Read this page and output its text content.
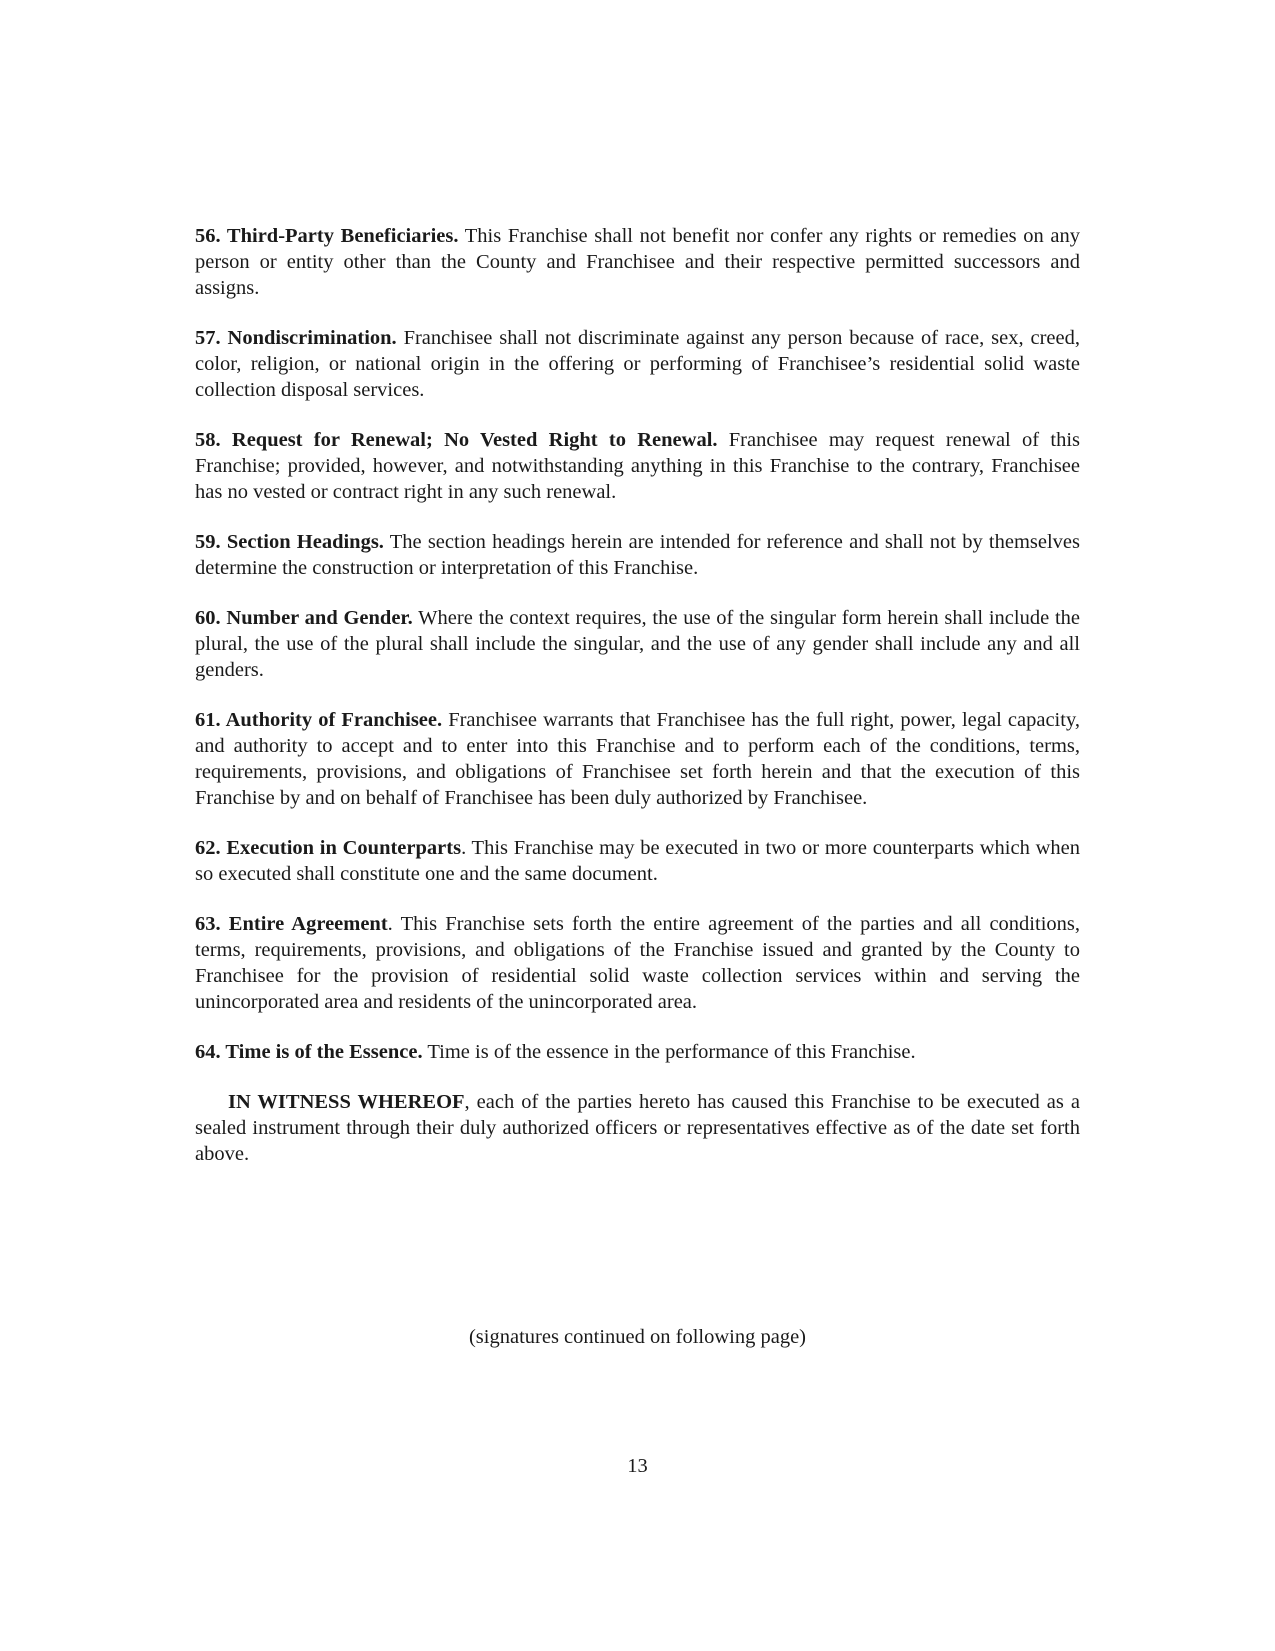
56. Third-Party Beneficiaries. This Franchise shall not benefit nor confer any rights or remedies on any person or entity other than the County and Franchisee and their respective permitted successors and assigns.

57. Nondiscrimination. Franchisee shall not discriminate against any person because of race, sex, creed, color, religion, or national origin in the offering or performing of Franchisee’s residential solid waste collection disposal services.

58. Request for Renewal; No Vested Right to Renewal. Franchisee may request renewal of this Franchise; provided, however, and notwithstanding anything in this Franchise to the contrary, Franchisee has no vested or contract right in any such renewal.

59. Section Headings. The section headings herein are intended for reference and shall not by themselves determine the construction or interpretation of this Franchise.

60. Number and Gender. Where the context requires, the use of the singular form herein shall include the plural, the use of the plural shall include the singular, and the use of any gender shall include any and all genders.

61. Authority of Franchisee. Franchisee warrants that Franchisee has the full right, power, legal capacity, and authority to accept and to enter into this Franchise and to perform each of the conditions, terms, requirements, provisions, and obligations of Franchisee set forth herein and that the execution of this Franchise by and on behalf of Franchisee has been duly authorized by Franchisee.

62. Execution in Counterparts. This Franchise may be executed in two or more counterparts which when so executed shall constitute one and the same document.

63. Entire Agreement. This Franchise sets forth the entire agreement of the parties and all conditions, terms, requirements, provisions, and obligations of the Franchise issued and granted by the County to Franchisee for the provision of residential solid waste collection services within and serving the unincorporated area and residents of the unincorporated area.

64. Time is of the Essence. Time is of the essence in the performance of this Franchise.

IN WITNESS WHEREOF, each of the parties hereto has caused this Franchise to be executed as a sealed instrument through their duly authorized officers or representatives effective as of the date set forth above.

(signatures continued on following page)
13
